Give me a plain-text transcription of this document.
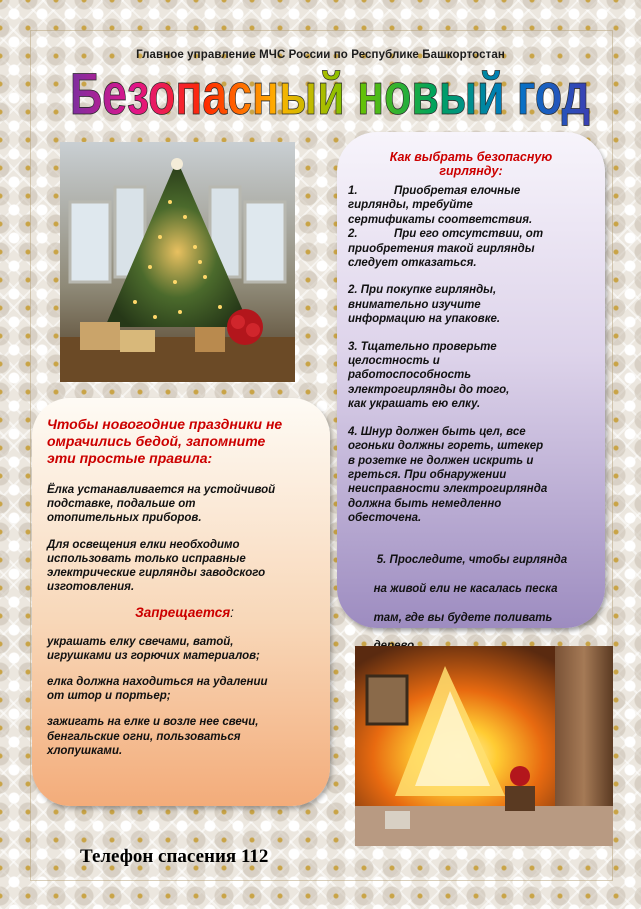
Главное управление МЧС России по Республике Башкортостан
Безопасный новый год
Как выбрать безопасную
гирлянду:

1.	Приобретая елочные
гирлянды, требуйте
сертификаты соответствия.

2.	При его отсутствии, от
приобретения такой гирлянды
следует отказаться.

2. При покупке гирлянды,
внимательно изучите
информацию на упаковке.

3. Тщательно проверьте
целостность и
работоспособность
электрогирлянды до того,
как украшать ею елку.

4. Шнур должен быть цел, все
огоньки должны гореть, штекер
в розетке не должен искрить и
греться. При обнаружении
неисправности электрогирлянда
должна быть немедленно
обесточена.

5. Проследите, чтобы гирлянда

на живой ели не касалась песка

там, где вы будете поливать

Чтобы новогодние праздники не
омрачились бедой, запомните
эти простые правила:

Ёлка устанавливается на устойчивой
подставке, подальше от
отопительных приборов.

Для освещения елки необходимо
использовать только исправные
электрические гирлянды заводского
изготовления.

Запрещается:

украшать елку свечами, ватой,
игрушками из горючих материалов;

елка должна находиться на удалении
от штор и портьер;

зажигать на елке и возле нее свечи,
бенгальские огни, пользоваться
хлопушками.

Телефон спасения 112
